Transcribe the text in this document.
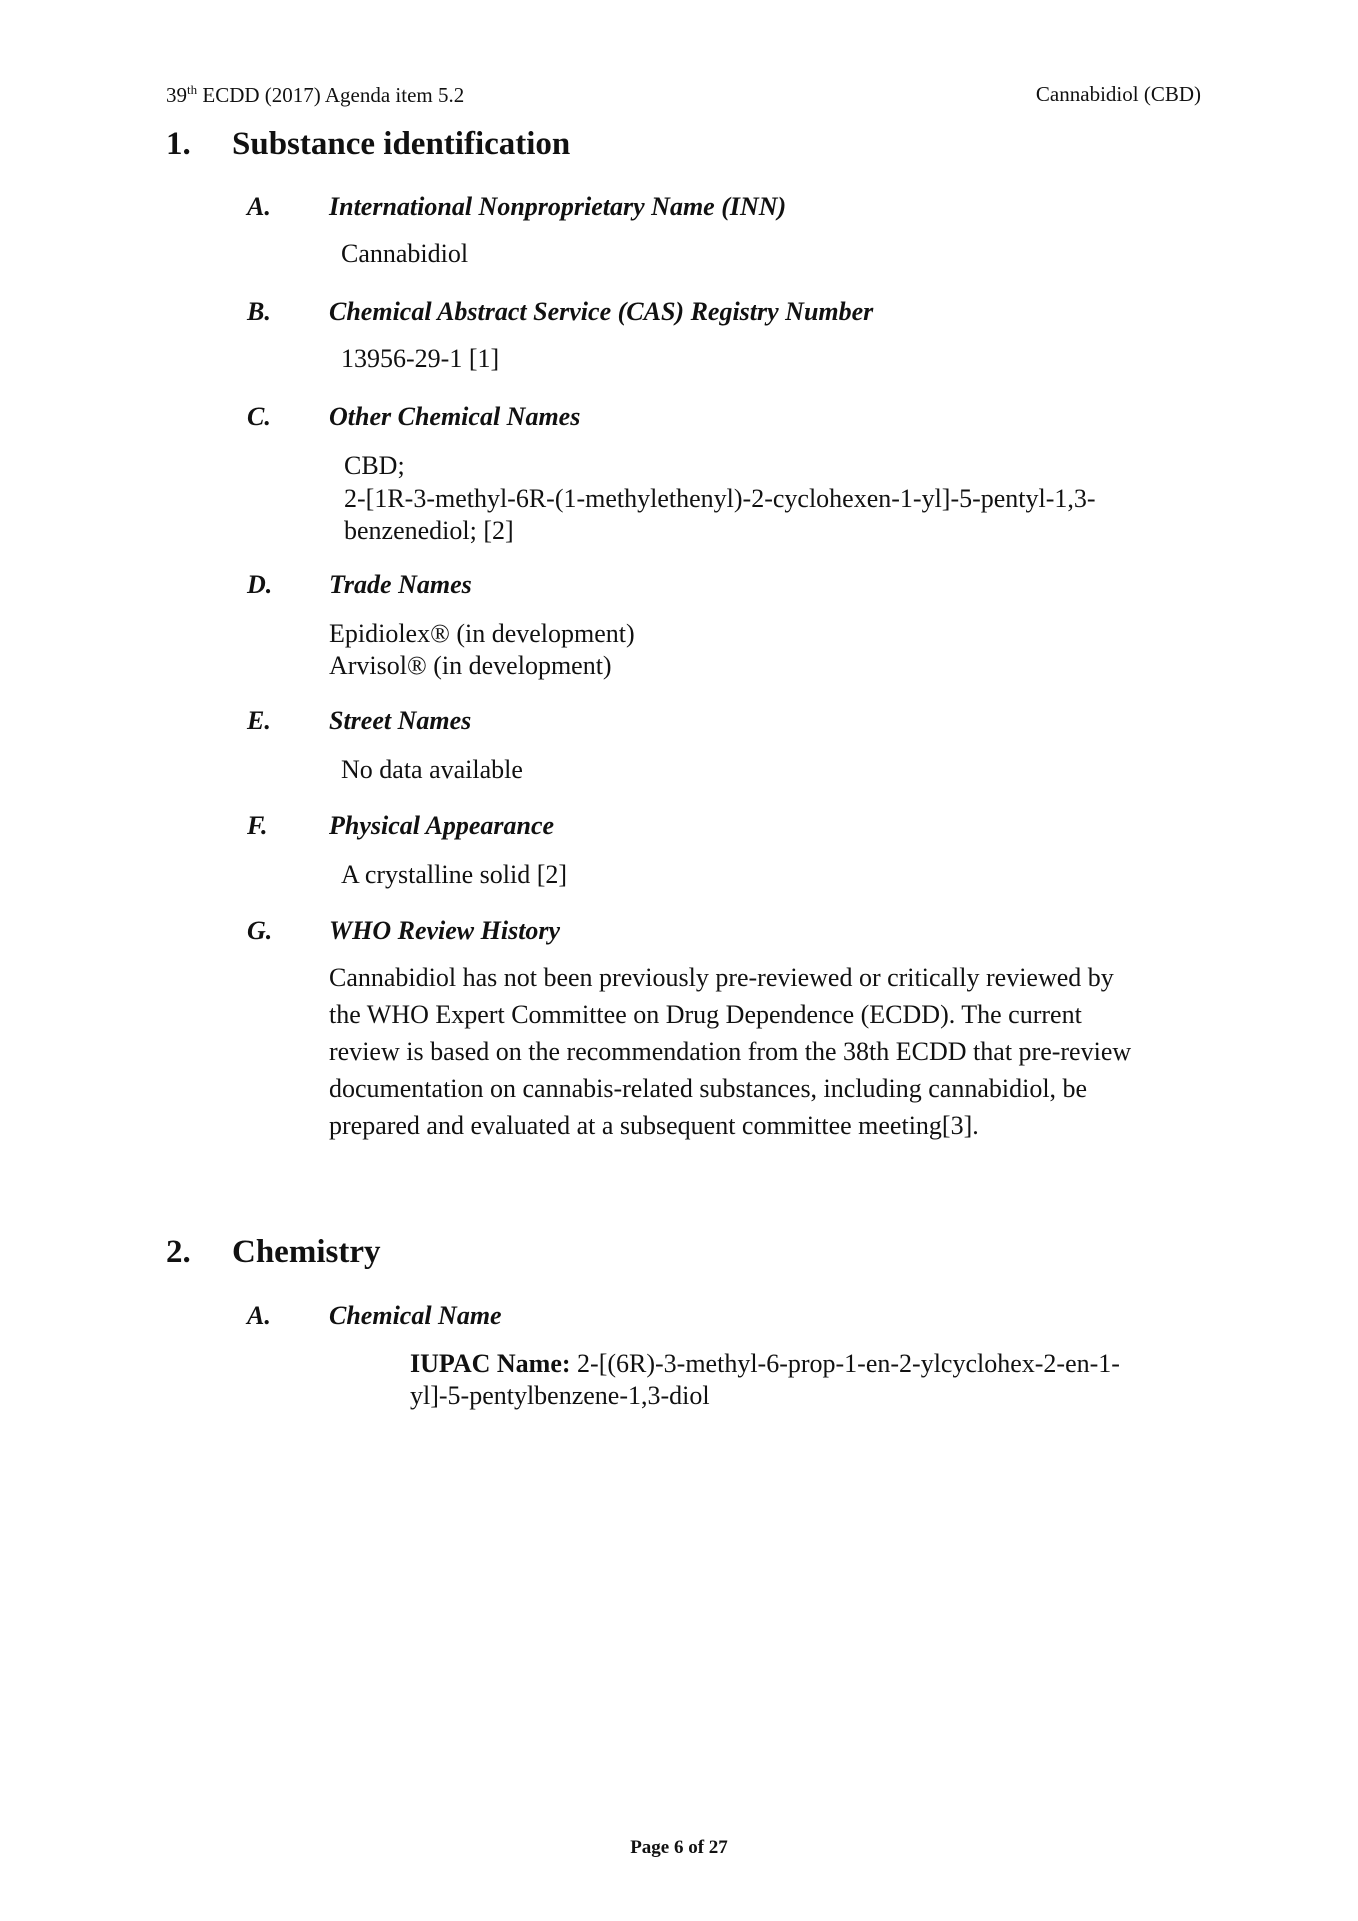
39th ECDD (2017) Agenda item 5.2	Cannabidiol (CBD)
1. Substance identification
A. International Nonproprietary Name (INN)
Cannabidiol
B. Chemical Abstract Service (CAS) Registry Number
13956-29-1 [1]
C. Other Chemical Names
CBD;
2-[1R-3-methyl-6R-(1-methylethenyl)-2-cyclohexen-1-yl]-5-pentyl-1,3-
benzenediol; [2]
D. Trade Names
Epidiolex® (in development)
Arvisol® (in development)
E. Street Names
No data available
F. Physical Appearance
A crystalline solid [2]
G. WHO Review History
Cannabidiol has not been previously pre-reviewed or critically reviewed by
the WHO Expert Committee on Drug Dependence (ECDD). The current
review is based on the recommendation from the 38th ECDD that pre-review
documentation on cannabis-related substances, including cannabidiol, be
prepared and evaluated at a subsequent committee meeting[3].
2. Chemistry
A. Chemical Name
IUPAC Name: 2-[(6R)-3-methyl-6-prop-1-en-2-ylcyclohex-2-en-1-
yl]-5-pentylbenzene-1,3-diol
Page 6 of 27
